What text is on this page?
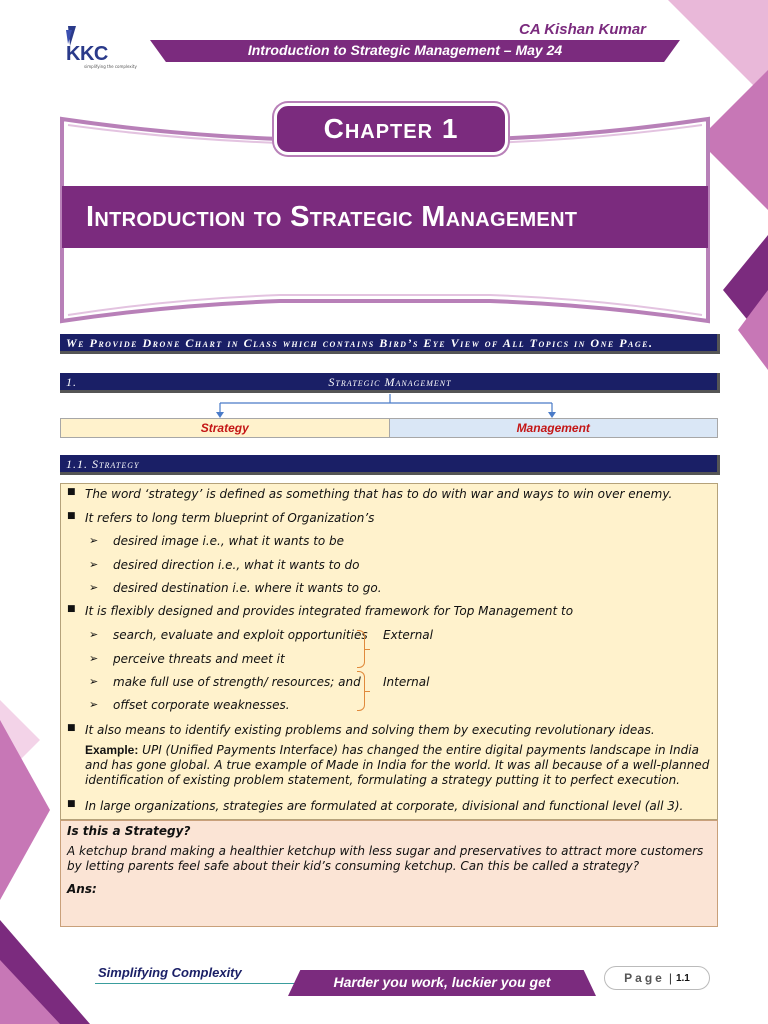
KKC
simplifying the complexity
CA Kishan Kumar
Introduction to Strategic Management – May 24
Introduction to Strategic Management
Chapter 1
We Provide Drone Chart in Class which contains Bird’s Eye View of All Topics in One Page.
1.	Strategic Management
Strategy	Management
1.1. Strategy
■ The word ‘strategy’ is defined as something that has to do with war and ways to win over enemy.
■ It refers to long term blueprint of Organization’s
➢ desired image i.e., what it wants to be
➢ desired direction i.e., what it wants to do
➢ desired destination i.e. where it wants to go.
■ It is flexibly designed and provides integrated framework for Top Management to
➢ search, evaluate and exploit opportunities
➢ perceive threats and meet it
➢ make full use of strength/ resources; and
➢ offset corporate weaknesses.
External
Internal
■ It also means to identify existing problems and solving them by executing revolutionary ideas.
Example: UPI (Unified Payments Interface) has changed the entire digital payments landscape in India and has gone global. A true example of Made in India for the world. It was all because of a well-planned identification of existing problem statement, formulating a strategy putting it to perfect execution.
■ In large organizations, strategies are formulated at corporate, divisional and functional level (all 3).
Is this a Strategy?
A ketchup brand making a healthier ketchup with less sugar and preservatives to attract more customers by letting parents feel safe about their kid’s consuming ketchup. Can this be called a strategy?
Ans:
Simplifying Complexity
Harder you work, luckier you get	Page | 1.1
